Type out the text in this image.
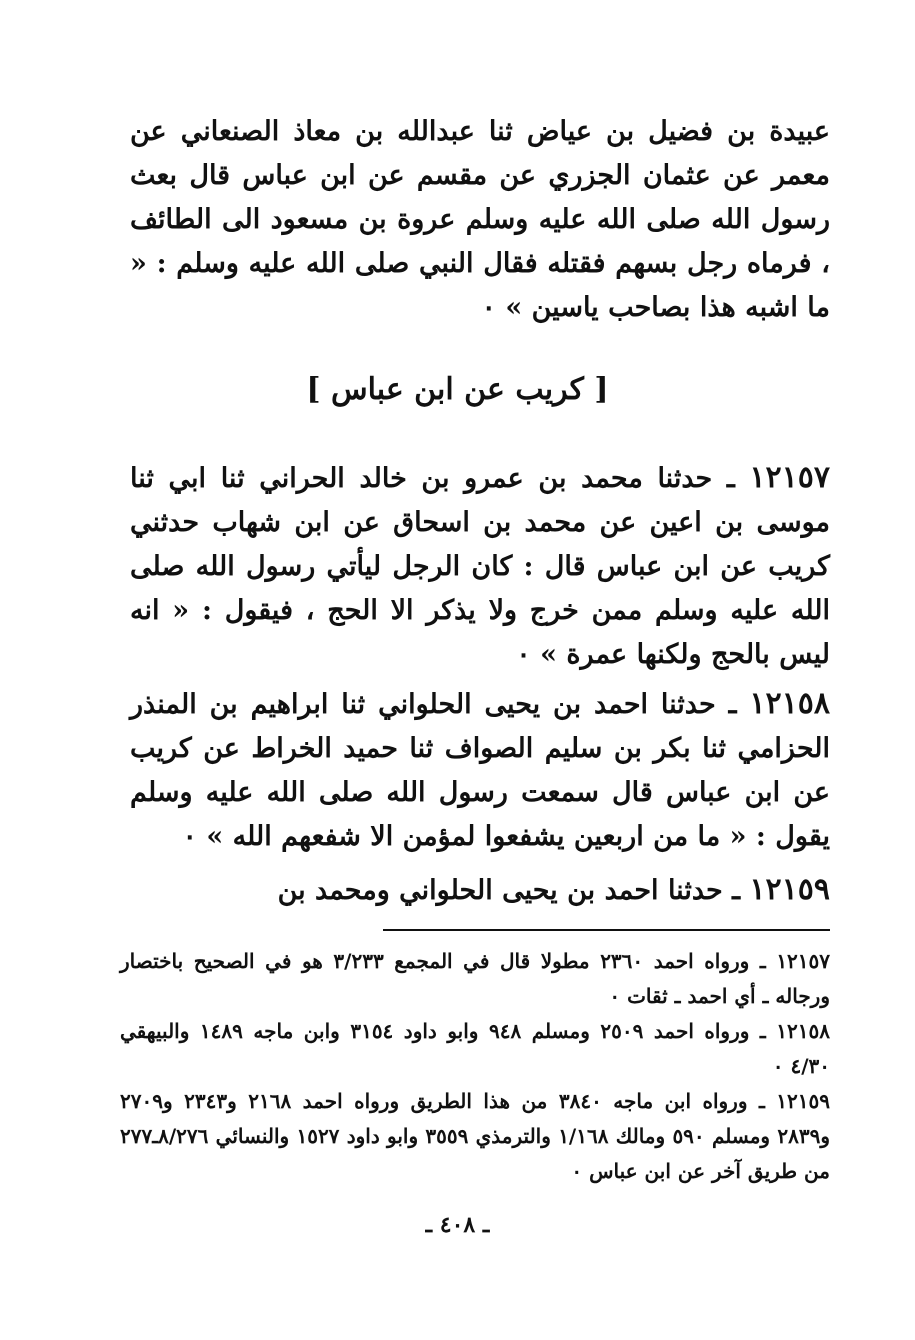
عبيدة بن فضيل بن عياض ثنا عبدالله بن معاذ الصنعاني عن معمر عن عثمان الجزري عن مقسم عن ابن عباس قال بعث رسول الله صلى الله عليه وسلم عروة بن مسعود الى الطائف ، فرماه رجل بسهم فقتله فقال النبي صلى الله عليه وسلم : « ما اشبه هذا بصاحب ياسين » ٠

[ كريب عن ابن عباس ]

١٢١٥٧ ـ حدثنا محمد بن عمرو بن خالد الحراني ثنا ابي ثنا موسى بن اعين عن محمد بن اسحاق عن ابن شهاب حدثني كريب عن ابن عباس قال : كان الرجل ليأتي رسول الله صلى الله عليه وسلم ممن خرج ولا يذكر الا الحج ، فيقول : « انه ليس بالحج ولكنها عمرة » ٠

١٢١٥٨ ـ حدثنا احمد بن يحيى الحلواني ثنا ابراهيم بن المنذر الحزامي ثنا بكر بن سليم الصواف ثنا حميد الخراط عن كريب عن ابن عباس قال سمعت رسول الله صلى الله عليه وسلم يقول : « ما من اربعين يشفعوا لمؤمن الا شفعهم الله » ٠

١٢١٥٩ ـ حدثنا احمد بن يحيى الحلواني ومحمد بن

١٢١٥٧ ـ ورواه احمد ٢٣٦٠ مطولا قال في المجمع ٣/٢٣٣ هو في الصحيح باختصار ورجاله ـ أي احمد ـ ثقات ٠

١٢١٥٨ ـ ورواه احمد ٢٥٠٩ ومسلم ٩٤٨ وابو داود ٣١٥٤ وابن ماجه ١٤٨٩ والبيهقي ٤/٣٠ ٠

١٢١٥٩ ـ ورواه ابن ماجه ٣٨٤٠ من هذا الطريق ورواه احمد ٢١٦٨ و٢٣٤٣ و٢٧٠٩ و٢٨٣٩ ومسلم ٥٩٠ ومالك ١/١٦٨ والترمذي ٣٥٥٩ وابو داود ١٥٢٧ والنسائي ٨/٢٧٦ـ٢٧٧ من طريق آخر عن ابن عباس ٠

ـ ٤٠٨ ـ
